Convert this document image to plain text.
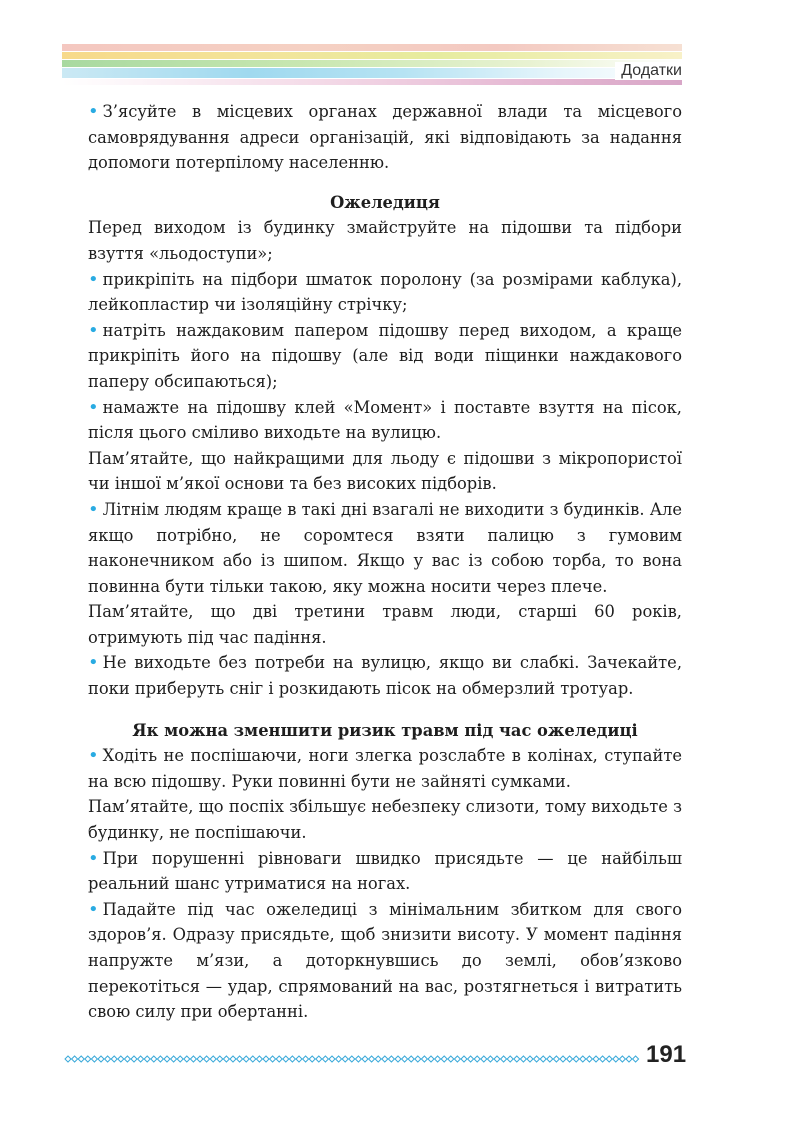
Додатки
• З’ясуйте в місцевих органах державної влади та місцевого самоврядування адреси організацій, які відповідають за надання допомоги потерпілому населенню.
Ожеледиця
Перед виходом із будинку змайструйте на підошви та підбори взуття «льодоступи»;
• прикріпіть на підбори шматок поролону (за розмірами каблука), лейкопластир чи ізоляційну стрічку;
• натріть наждаковим папером підошву перед виходом, а краще прикріпіть його на підошву (але від води піщинки наждакового паперу обсипаються);
• намажте на підошву клей «Момент» і поставте взуття на пісок, після цього сміливо виходьте на вулицю.
Пам’ятайте, що найкращими для льоду є підошви з мікропористої чи іншої м’якої основи та без високих підборів.
• Літнім людям краще в такі дні взагалі не виходити з будинків. Але якщо потрібно, не соромтеся взяти палицю з гумовим наконечником або із шипом. Якщо у вас із собою торба, то вона повинна бути тільки такою, яку можна носити через плече.
Пам’ятайте, що дві третини травм люди, старші 60 років, отримують під час падіння.
• Не виходьте без потреби на вулицю, якщо ви слабкі. Зачекайте, поки приберуть сніг і розкидають пісок на обмерзлий тротуар.
Як можна зменшити ризик травм під час ожеледиці
• Ходіть не поспішаючи, ноги злегка розслабте в колінах, ступайте на всю підошву. Руки повинні бути не зайняті сумками.
Пам’ятайте, що поспіх збільшує небезпеку слизоти, тому виходьте з будинку, не поспішаючи.
• При порушенні рівноваги швидко присядьте — це найбільш реальний шанс утриматися на ногах.
• Падайте під час ожеледиці з мінімальним збитком для свого здоров’я. Одразу присядьте, щоб знизити висоту. У момент падіння напружте м’язи, а доторкнувшись до землі, обов’язково перекотіться — удар, спрямований на вас, розтягнеться і витратить свою силу при обертанні.
191
